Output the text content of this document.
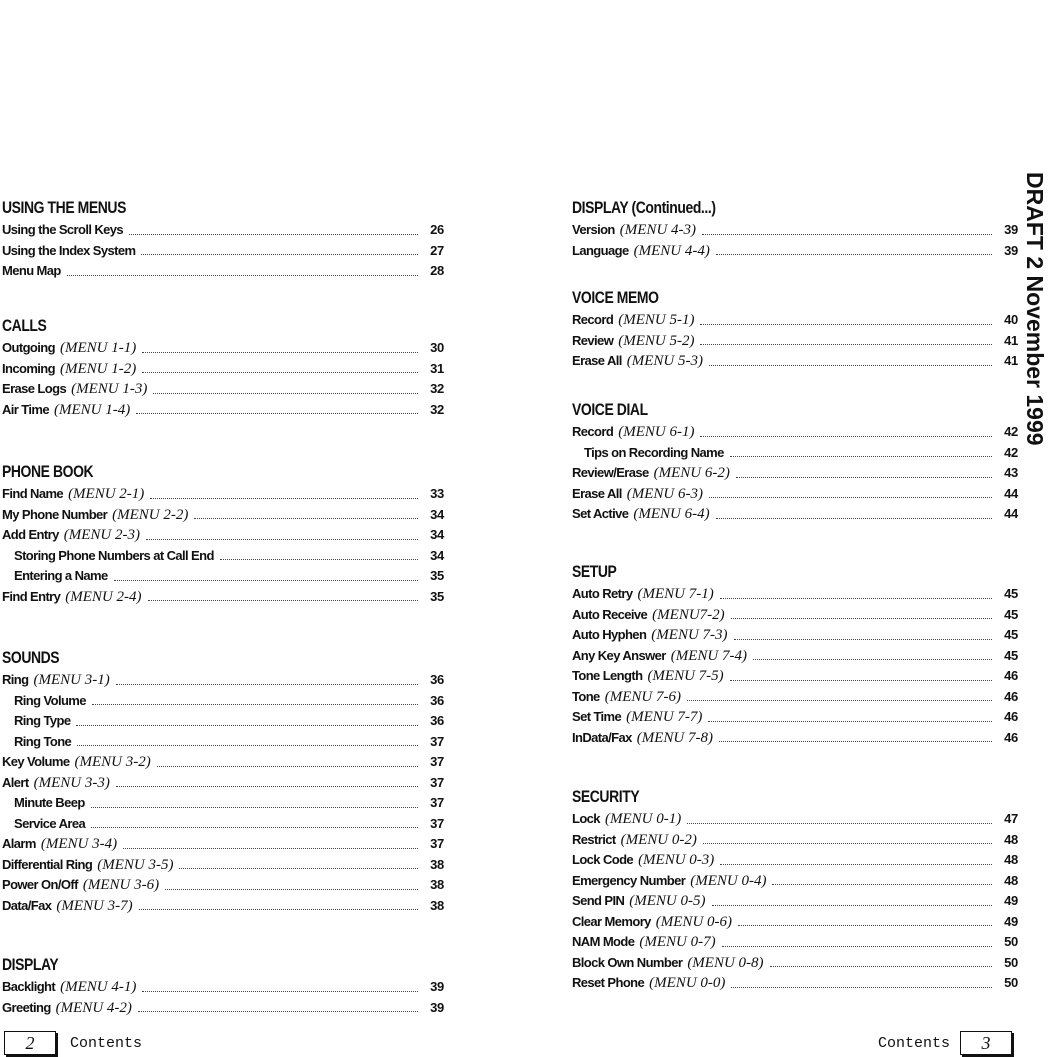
DRAFT 2 November 1999
USING THE MENUS
Using the Scroll Keys	26
Using the Index System	27
Menu Map	28
CALLS
Outgoing (MENU 1-1)	30
Incoming (MENU 1-2)	31
Erase Logs (MENU 1-3)	32
Air Time (MENU 1-4)	32
PHONE BOOK
Find Name (MENU 2-1)	33
My Phone Number (MENU 2-2)	34
Add Entry (MENU 2-3)	34
Storing Phone Numbers at Call End	34
Entering a Name	35
Find Entry (MENU 2-4)	35
SOUNDS
Ring (MENU 3-1)	36
Ring Volume	36
Ring Type	36
Ring Tone	37
Key Volume (MENU 3-2)	37
Alert (MENU 3-3)	37
Minute Beep	37
Service Area	37
Alarm (MENU 3-4)	37
Differential Ring (MENU 3-5)	38
Power On/Off (MENU 3-6)	38
Data/Fax (MENU 3-7)	38
DISPLAY
Backlight (MENU 4-1)	39
Greeting (MENU 4-2)	39
DISPLAY (Continued...)
Version (MENU 4-3)	39
Language (MENU 4-4)	39
VOICE MEMO
Record (MENU 5-1)	40
Review (MENU 5-2)	41
Erase All (MENU 5-3)	41
VOICE DIAL
Record (MENU 6-1)	42
Tips on Recording Name	42
Review/Erase (MENU 6-2)	43
Erase All (MENU 6-3)	44
Set Active (MENU 6-4)	44
SETUP
Auto Retry (MENU 7-1)	45
Auto Receive (MENU7-2)	45
Auto Hyphen (MENU 7-3)	45
Any Key Answer (MENU 7-4)	45
Tone Length (MENU 7-5)	46
Tone (MENU 7-6)	46
Set Time (MENU 7-7)	46
InData/Fax (MENU 7-8)	46
SECURITY
Lock (MENU 0-1)	47
Restrict (MENU 0-2)	48
Lock Code (MENU 0-3)	48
Emergency Number (MENU 0-4)	48
Send PIN (MENU 0-5)	49
Clear Memory (MENU 0-6)	49
NAM Mode (MENU 0-7)	50
Block Own Number (MENU 0-8)	50
Reset Phone (MENU 0-0)	50
2	Contents	Contents	3
